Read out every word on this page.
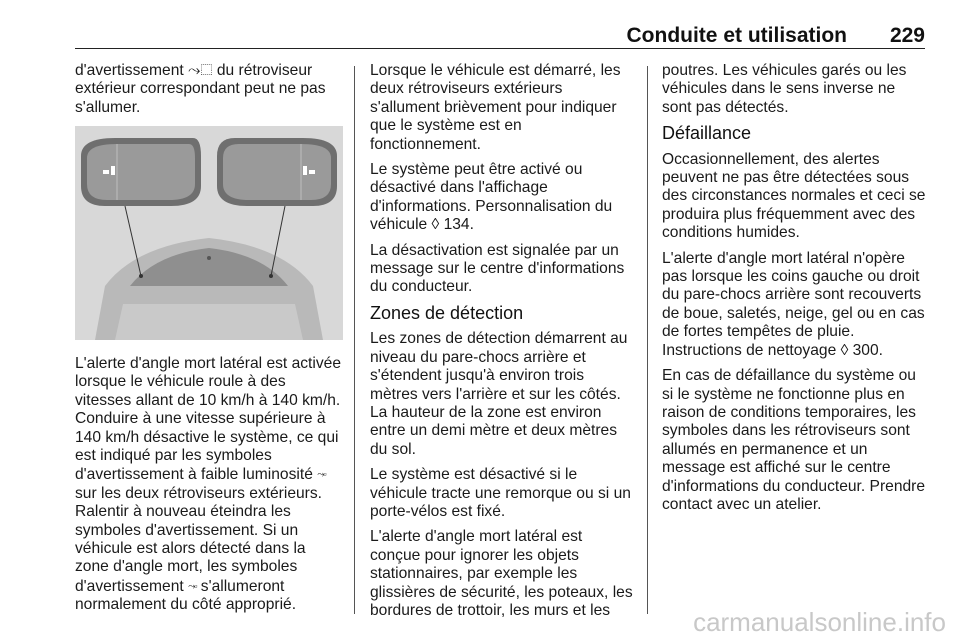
Conduite et utilisation 229

d'avertissement ⤳⬚ du rétroviseur extérieur correspondant peut ne pas s'allumer.

L'alerte d'angle mort latéral est activée lorsque le véhicule roule à des vitesses allant de 10 km/h à 140 km/h. Conduire à une vitesse supérieure à 140 km/h désactive le système, ce qui est indiqué par les symboles d'avertissement à faible luminosité ⤳▫ sur les deux rétroviseurs extérieurs. Ralentir à nouveau éteindra les symboles d'avertissement. Si un véhicule est alors détecté dans la zone d'angle mort, les symboles d'avertissement ⤳▫ s'allumeront normalement du côté approprié.

Lorsque le véhicule est démarré, les deux rétroviseurs extérieurs s'allument brièvement pour indiquer que le système est en fonctionnement.

Le système peut être activé ou désactivé dans l'affichage d'informations. Personnalisation du véhicule ◊ 134.

La désactivation est signalée par un message sur le centre d'informations du conducteur.

Zones de détection

Les zones de détection démarrent au niveau du pare-chocs arrière et s'étendent jusqu'à environ trois mètres vers l'arrière et sur les côtés. La hauteur de la zone est environ entre un demi mètre et deux mètres du sol.

Le système est désactivé si le véhicule tracte une remorque ou si un porte-vélos est fixé.

L'alerte d'angle mort latéral est conçue pour ignorer les objets stationnaires, par exemple les glissières de sécurité, les poteaux, les bordures de trottoir, les murs et les

poutres. Les véhicules garés ou les véhicules dans le sens inverse ne sont pas détectés.

Défaillance

Occasionnellement, des alertes peuvent ne pas être détectées sous des circonstances normales et ceci se produira plus fréquemment avec des conditions humides.

L'alerte d'angle mort latéral n'opère pas lorsque les coins gauche ou droit du pare-chocs arrière sont recouverts de boue, saletés, neige, gel ou en cas de fortes tempêtes de pluie. Instructions de nettoyage ◊ 300.

En cas de défaillance du système ou si le système ne fonctionne plus en raison de conditions temporaires, les symboles dans les rétroviseurs sont allumés en permanence et un message est affiché sur le centre d'informations du conducteur. Prendre contact avec un atelier.

carmanualsonline.info
